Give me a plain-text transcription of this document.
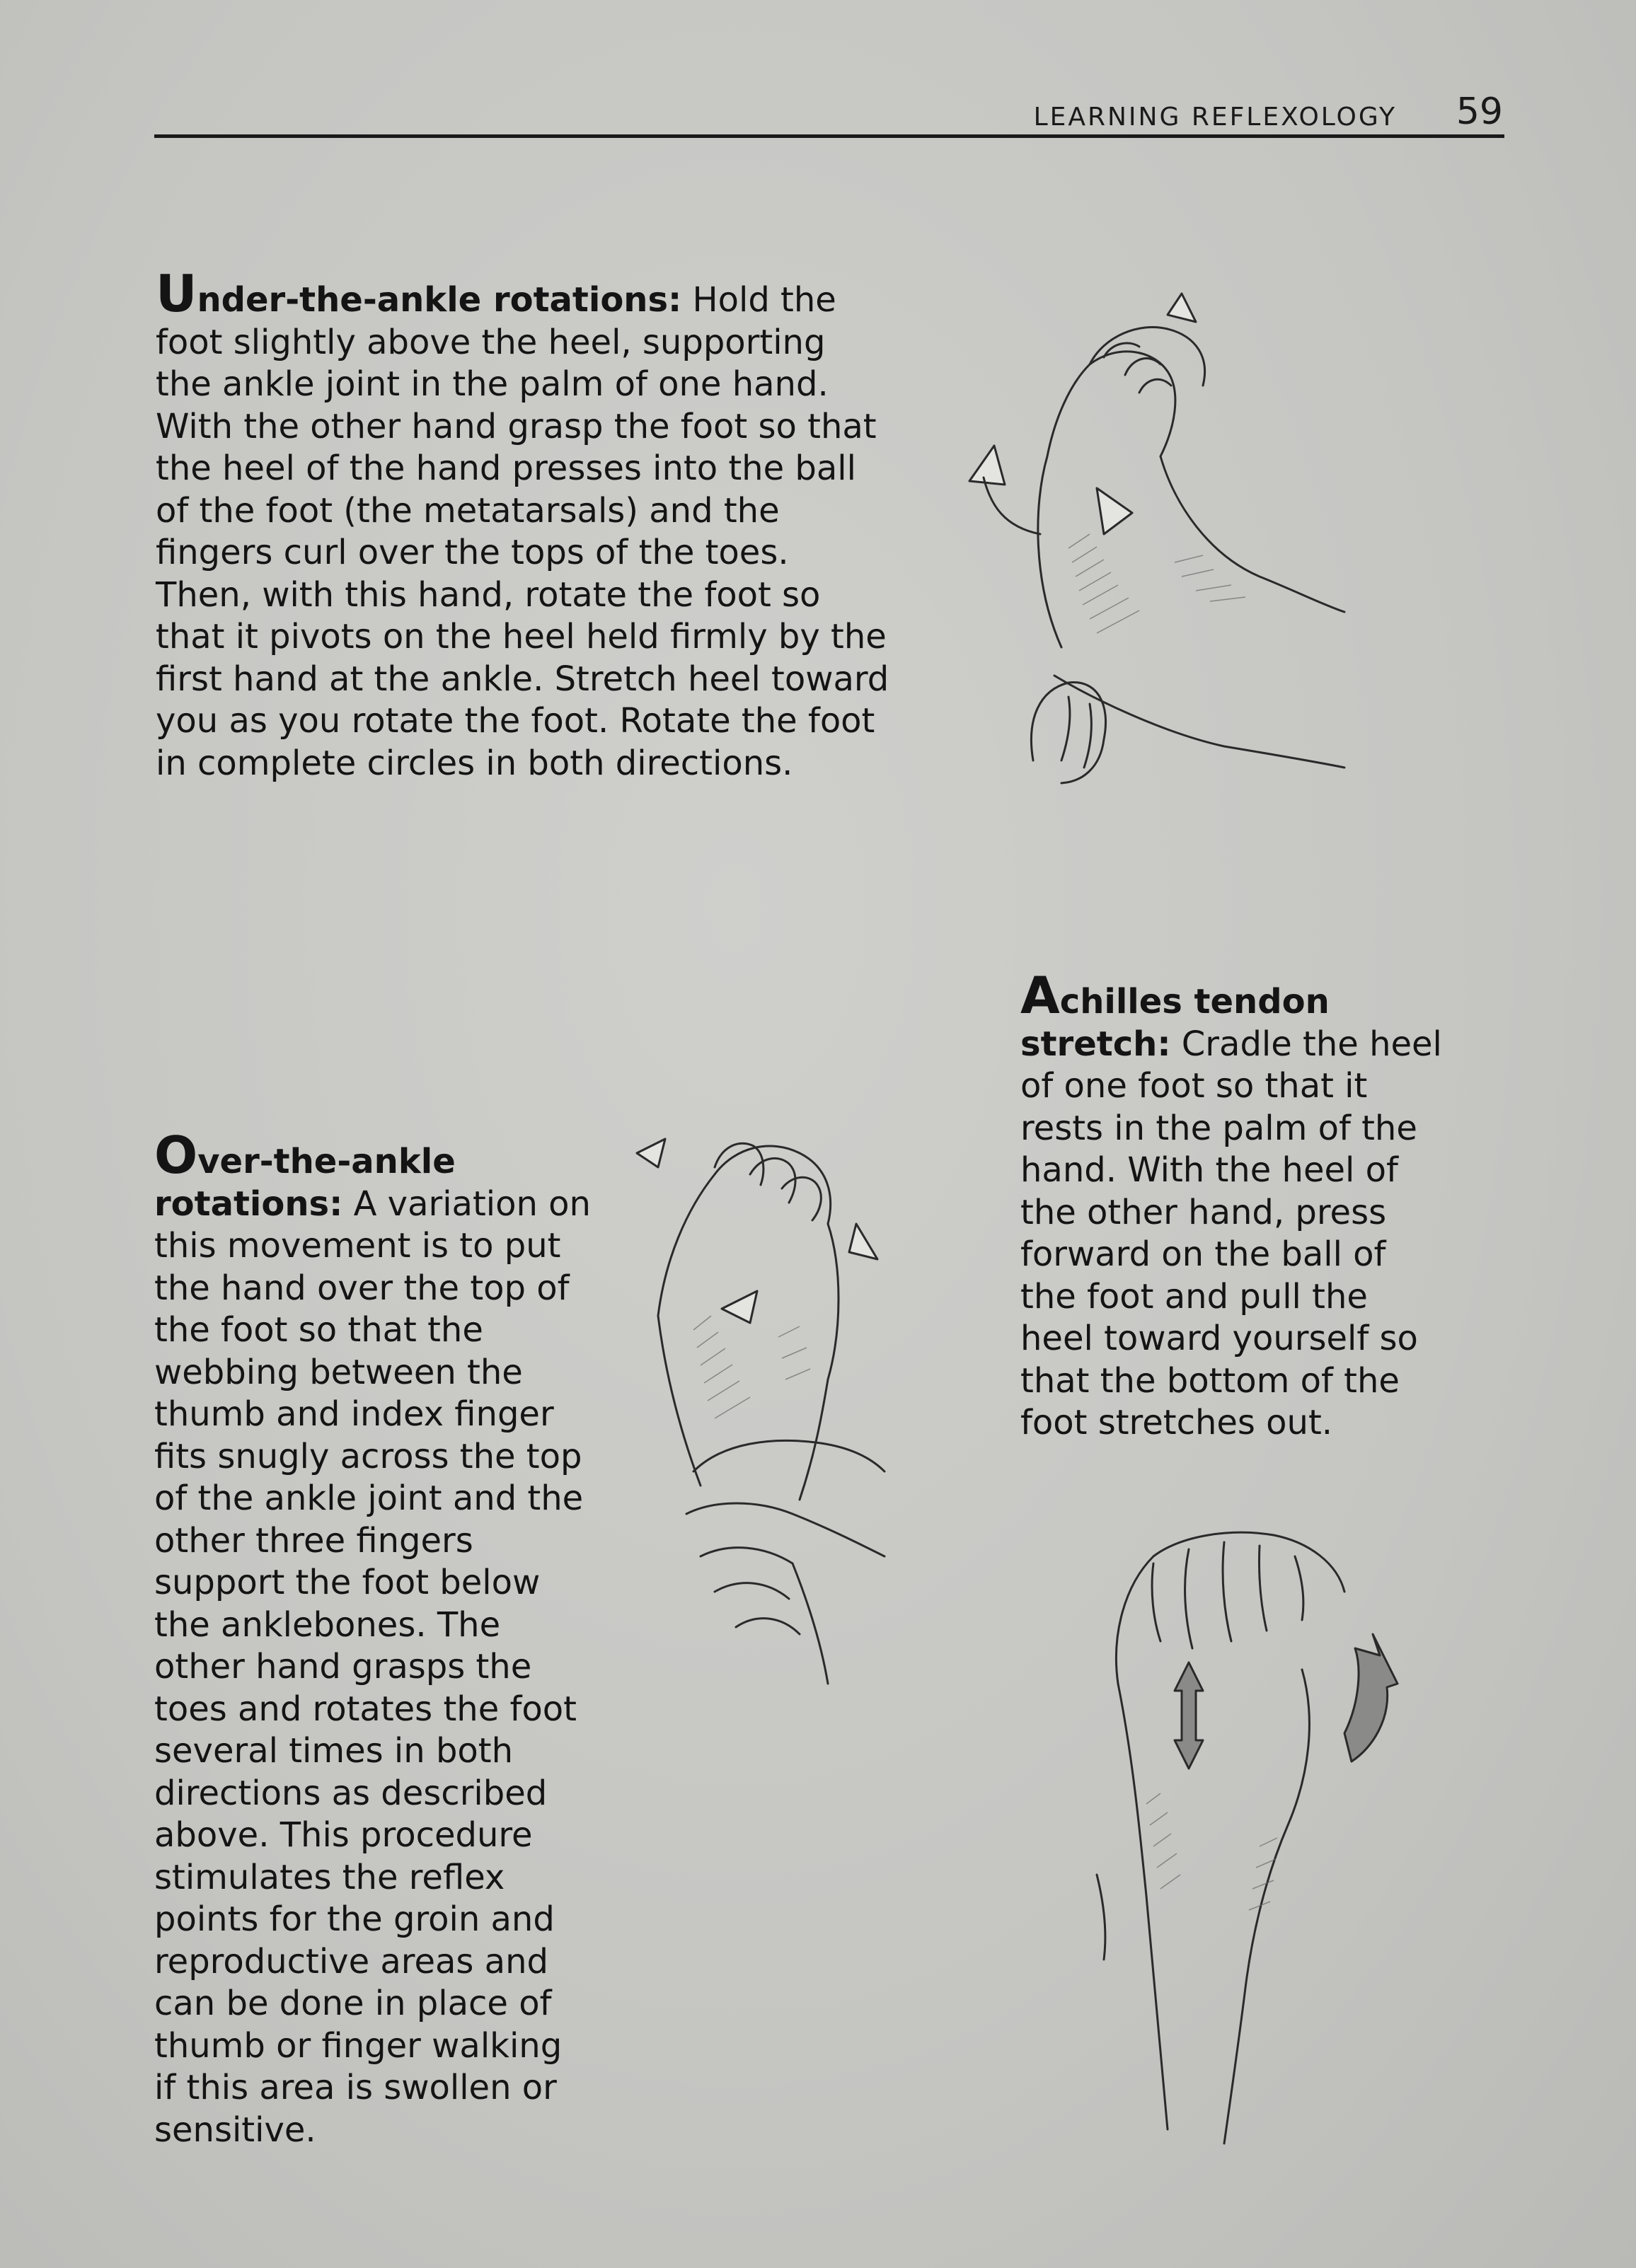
LEARNING REFLEXOLOGY 59
Under-the-ankle rotations: Hold the foot slightly above the heel, supporting the ankle joint in the palm of one hand. With the other hand grasp the foot so that the heel of the hand presses into the ball of the foot (the metatarsals) and the fingers curl over the tops of the toes. Then, with this hand, rotate the foot so that it pivots on the heel held firmly by the first hand at the ankle. Stretch heel toward you as you rotate the foot. Rotate the foot in complete circles in both directions.
Over-the-ankle rotations: A variation on this movement is to put the hand over the top of the foot so that the webbing between the thumb and index finger fits snugly across the top of the ankle joint and the other three fingers support the foot below the anklebones. The other hand grasps the toes and rotates the foot several times in both directions as described above. This procedure stimulates the reflex points for the groin and reproductive areas and can be done in place of thumb or finger walking if this area is swollen or sensitive.
Achilles tendon stretch: Cradle the heel of one foot so that it rests in the palm of the hand. With the heel of the other hand, press forward on the ball of the foot and pull the heel toward yourself so that the bottom of the foot stretches out.
